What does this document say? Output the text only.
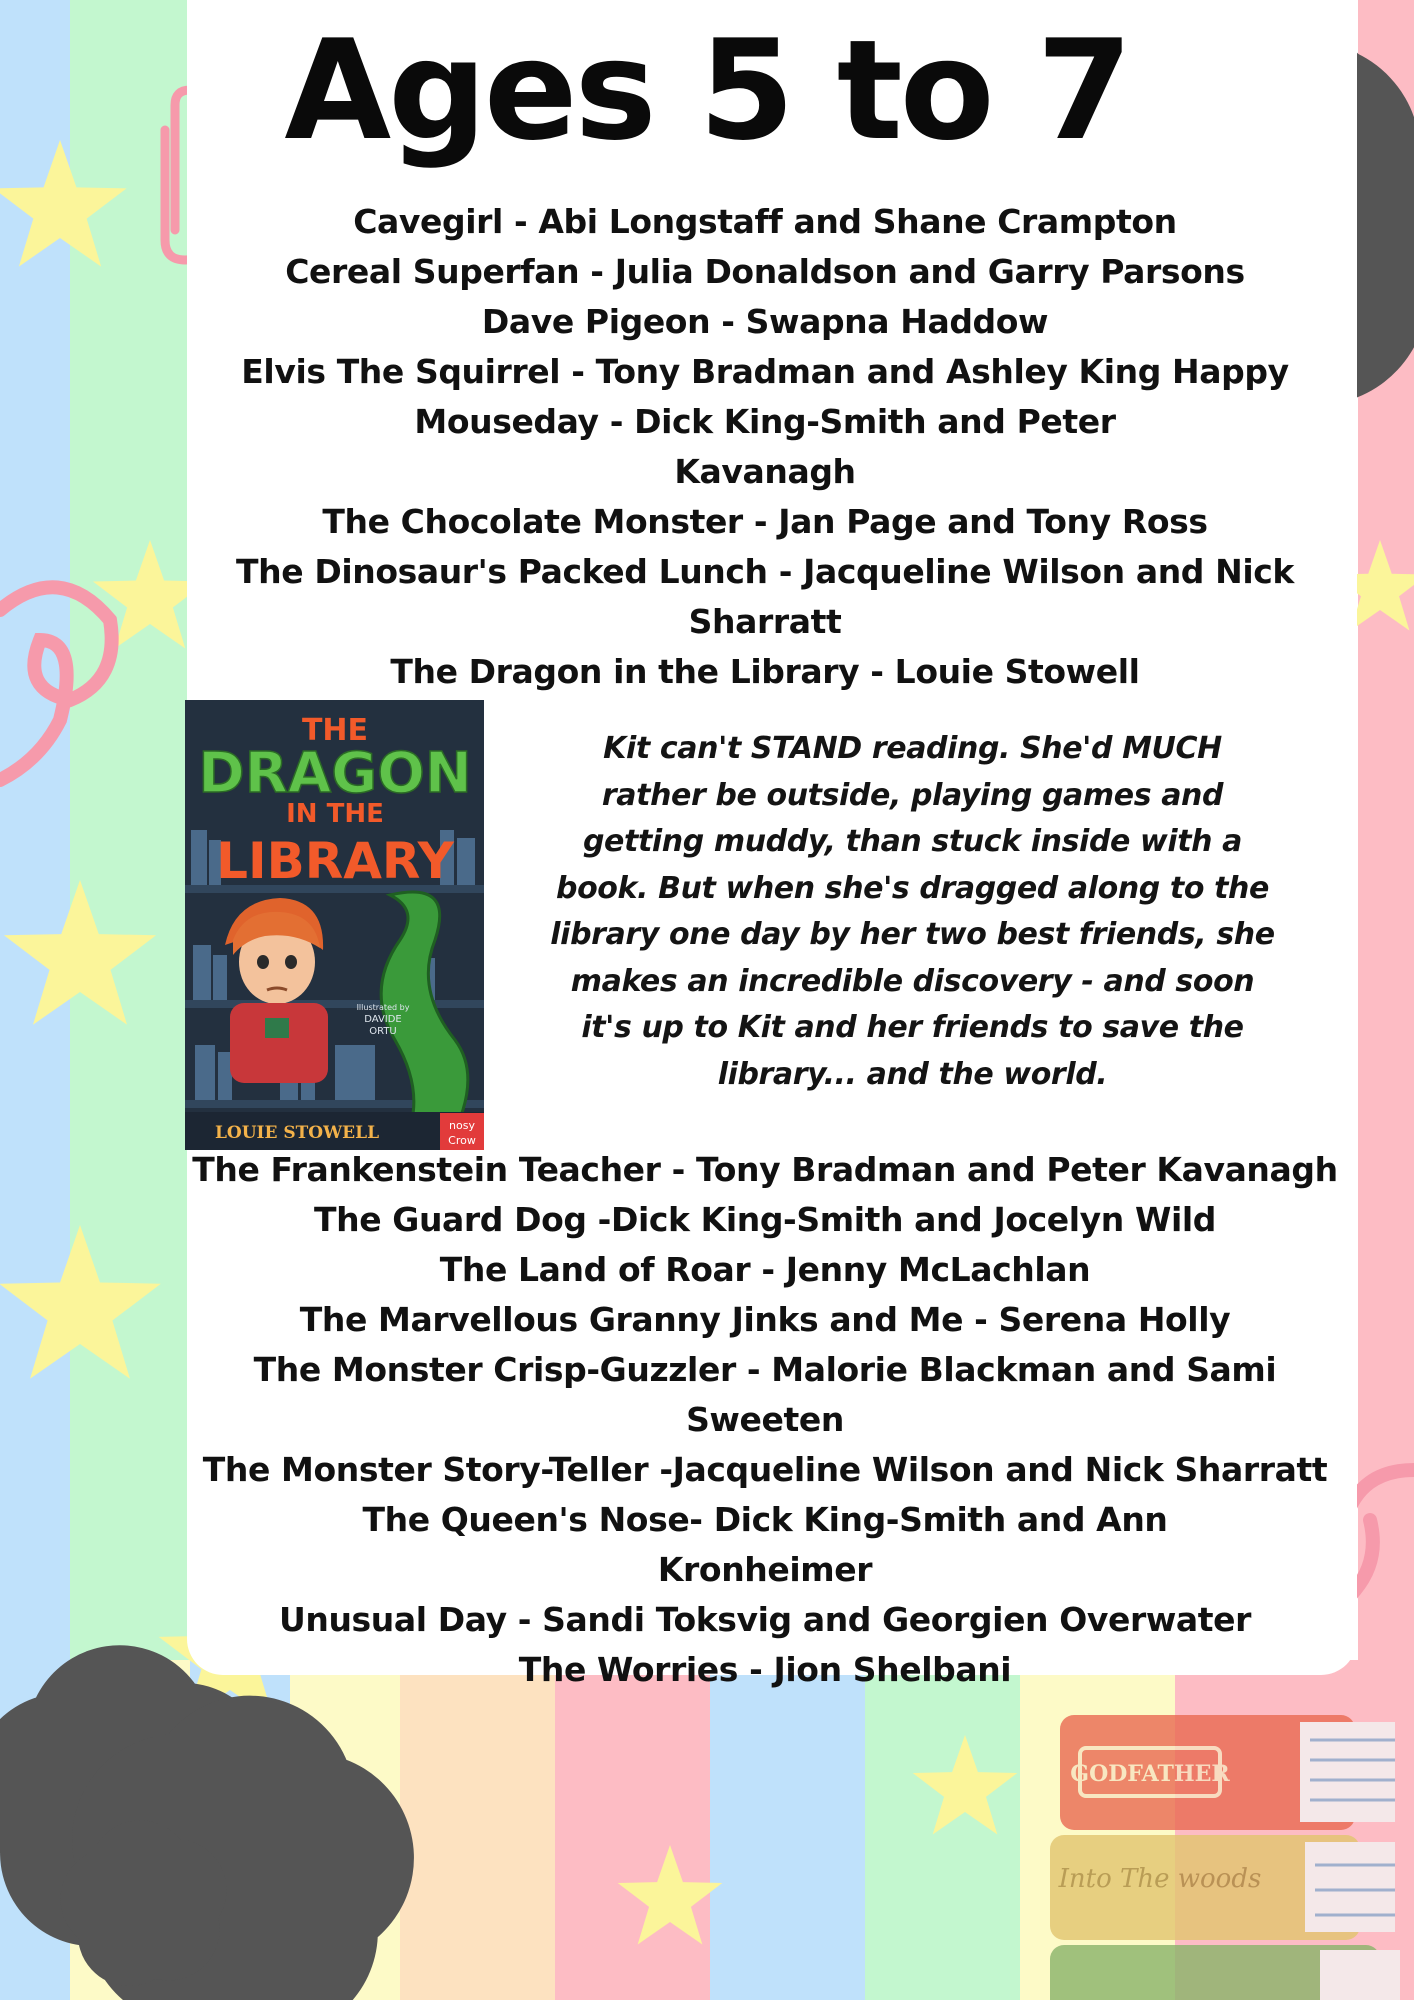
GODFATHER
Into The woods
Ages 5 to 7
Cavegirl - Abi Longstaff and Shane Crampton
Cereal Superfan - Julia Donaldson and Garry Parsons
Dave Pigeon - Swapna Haddow
Elvis The Squirrel - Tony Bradman and Ashley King Happy
Mouseday - Dick King-Smith and Peter
Kavanagh
The Chocolate Monster - Jan Page and Tony Ross
The Dinosaur's Packed Lunch - Jacqueline Wilson and Nick
Sharratt
The Dragon in the Library - Louie Stowell
THE
DRAGON
IN THE
LIBRARY
Illustrated by
DAVIDE
ORTU
LOUIE STOWELL	nosy
Crow
Kit can't STAND reading. She'd MUCH
rather be outside, playing games and
getting muddy, than stuck inside with a
book. But when she's dragged along to the
library one day by her two best friends, she
makes an incredible discovery - and soon
it's up to Kit and her friends to save the
library... and the world.
The Frankenstein Teacher - Tony Bradman and Peter Kavanagh
The Guard Dog -Dick King-Smith and Jocelyn Wild
The Land of Roar - Jenny McLachlan
The Marvellous Granny Jinks and Me - Serena Holly
The Monster Crisp-Guzzler - Malorie Blackman and Sami
Sweeten
The Monster Story-Teller -Jacqueline Wilson and Nick Sharratt
The Queen's Nose- Dick King-Smith and Ann
Kronheimer
Unusual Day - Sandi Toksvig and Georgien Overwater
The Worries - Jion Shelbani
